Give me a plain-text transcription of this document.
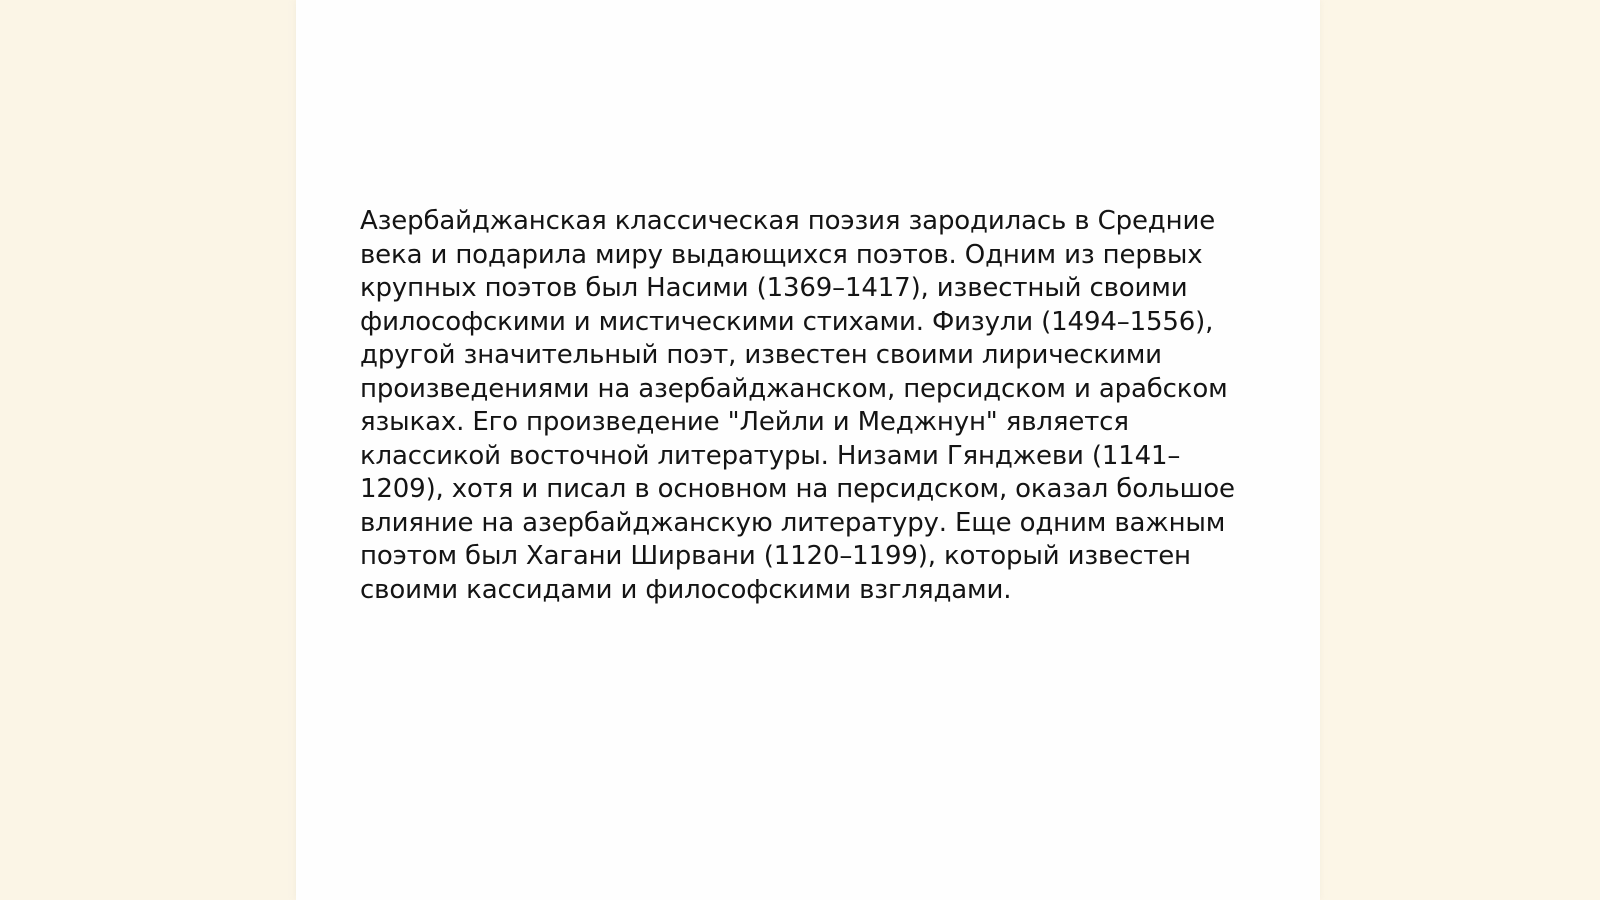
Азербайджанская классическая поэзия зародилась в Средние
века и подарила миру выдающихся поэтов. Одним из первых
крупных поэтов был Насими (1369–1417), известный своими
философскими и мистическими стихами. Физули (1494–1556),
другой значительный поэт, известен своими лирическими
произведениями на азербайджанском, персидском и арабском
языках. Его произведение "Лейли и Меджнун" является
классикой восточной литературы. Низами Гянджеви (1141–
1209), хотя и писал в основном на персидском, оказал большое
влияние на азербайджанскую литературу. Еще одним важным
поэтом был Хагани Ширвани (1120–1199), который известен
своими кассидами и философскими взглядами.
